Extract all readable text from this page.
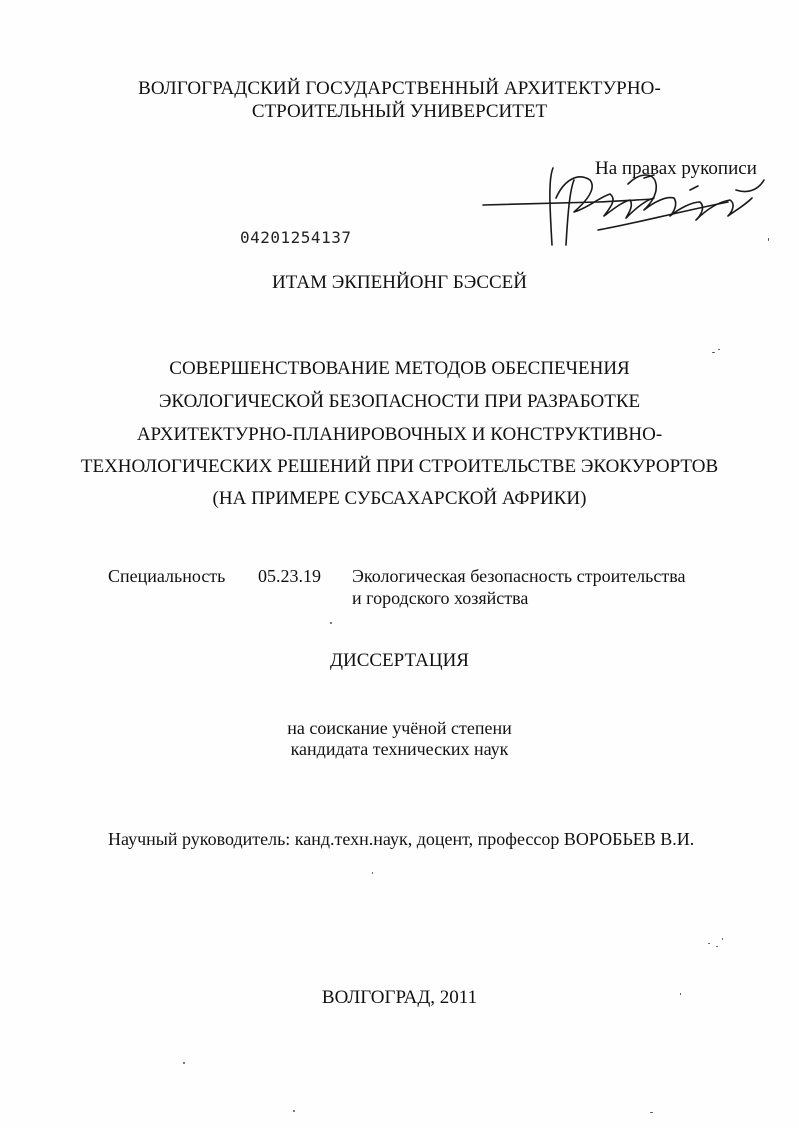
ВОЛГОГРАДСКИЙ ГОСУДАРСТВЕННЫЙ АРХИТЕКТУРНО-
СТРОИТЕЛЬНЫЙ УНИВЕРСИТЕТ
На правах рукописи
04201254137
ИТАМ ЭКПЕНЙОНГ БЭССЕЙ
СОВЕРШЕНСТВОВАНИЕ МЕТОДОВ ОБЕСПЕЧЕНИЯ
ЭКОЛОГИЧЕСКОЙ БЕЗОПАСНОСТИ ПРИ РАЗРАБОТКЕ
АРХИТЕКТУРНО-ПЛАНИРОВОЧНЫХ И КОНСТРУКТИВНО-
ТЕХНОЛОГИЧЕСКИХ РЕШЕНИЙ ПРИ СТРОИТЕЛЬСТВЕ ЭКОКУРОРТОВ
(НА ПРИМЕРЕ СУБСАХАРСКОЙ АФРИКИ)
Специальность 05.23.19 Экологическая безопасность строительства
и городского хозяйства
ДИССЕРТАЦИЯ
на соискание учёной степени
кандидата технических наук
Научный руководитель: канд.техн.наук, доцент, профессор ВОРОБЬЕВ В.И.
ВОЛГОГРАД, 2011
